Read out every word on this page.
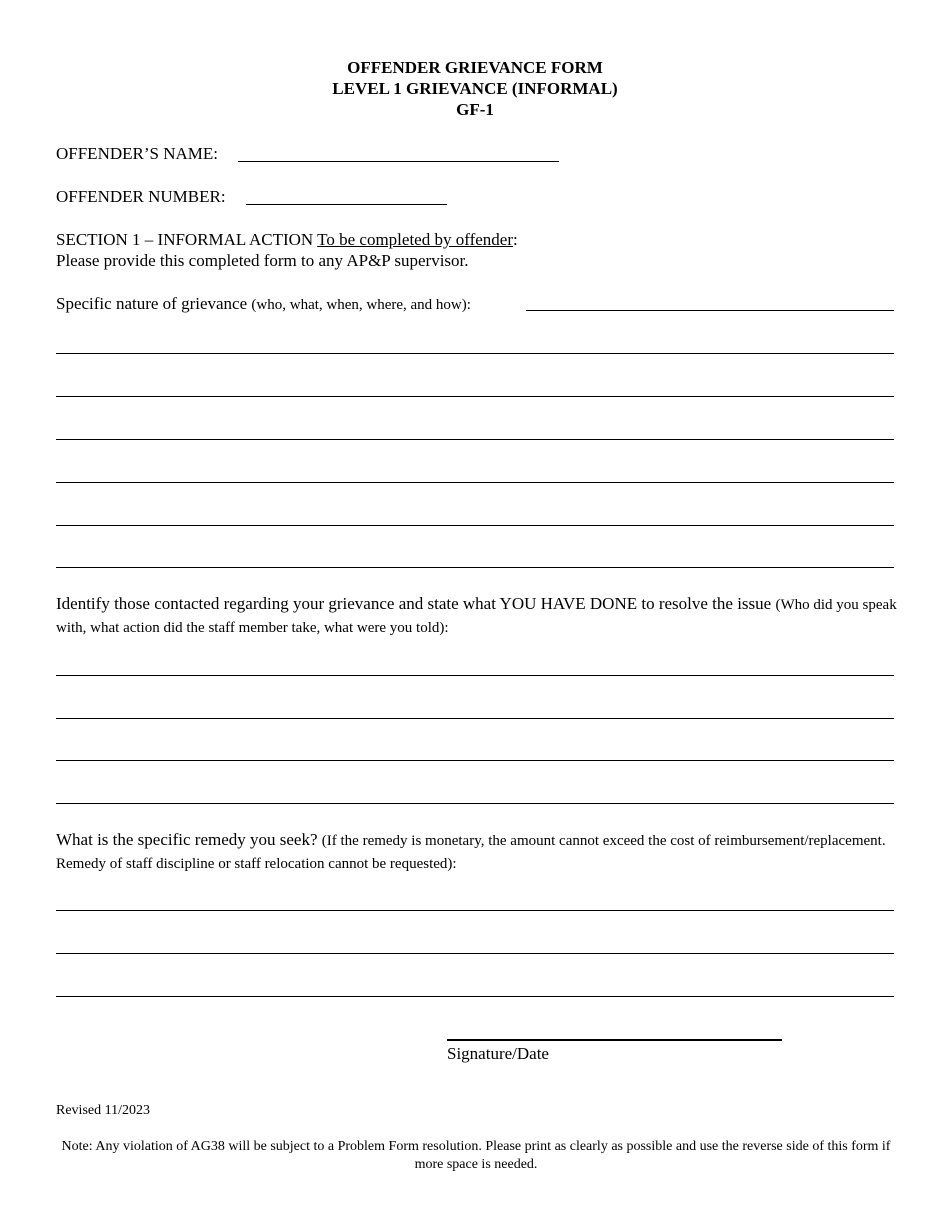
OFFENDER GRIEVANCE FORM
LEVEL 1 GRIEVANCE (INFORMAL)
GF-1
OFFENDER’S NAME:
OFFENDER NUMBER:
SECTION 1 – INFORMAL ACTION To be completed by offender:
Please provide this completed form to any AP&P supervisor.
Specific nature of grievance (who, what, when, where, and how):
Identify those contacted regarding your grievance and state what YOU HAVE DONE to resolve the issue (Who did you speak with, what action did the staff member take, what were you told):
What is the specific remedy you seek? (If the remedy is monetary, the amount cannot exceed the cost of reimbursement/replacement. Remedy of staff discipline or staff relocation cannot be requested):
Signature/Date
Revised 11/2023
Note: Any violation of AG38 will be subject to a Problem Form resolution. Please print as clearly as possible and use the reverse side of this form if more space is needed.
